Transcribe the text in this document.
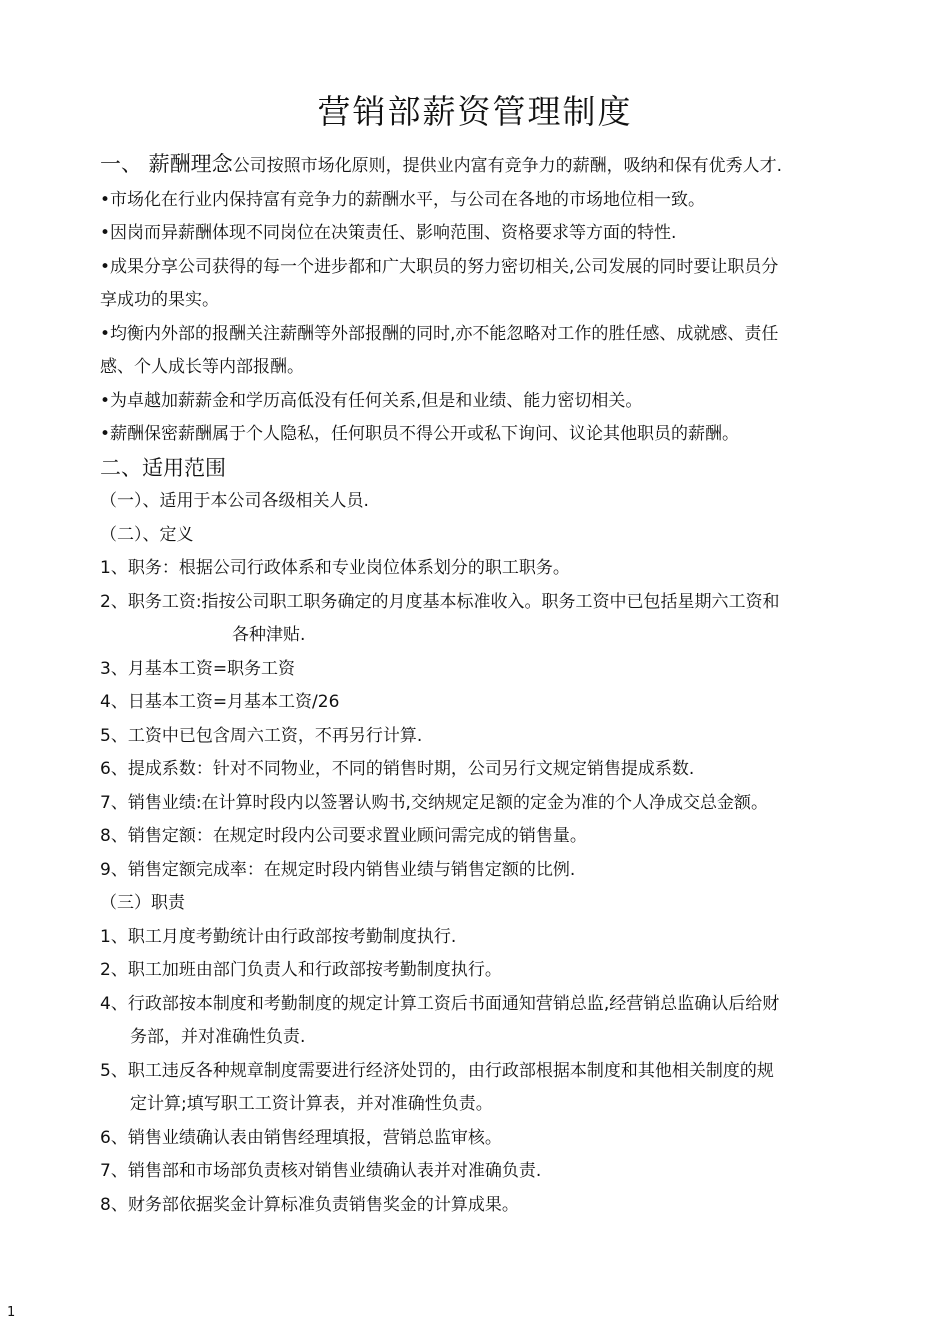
营销部薪资管理制度

一、 薪酬理念公司按照市场化原则，提供业内富有竞争力的薪酬，吸纳和保有优秀人才.

•市场化在行业内保持富有竞争力的薪酬水平，与公司在各地的市场地位相一致。

•因岗而异薪酬体现不同岗位在决策责任、影响范围、资格要求等方面的特性.

•成果分享公司获得的每一个进步都和广大职员的努力密切相关,公司发展的同时要让职员分

享成功的果实。

•均衡内外部的报酬关注薪酬等外部报酬的同时,亦不能忽略对工作的胜任感、成就感、责任

感、个人成长等内部报酬。

•为卓越加薪薪金和学历高低没有任何关系,但是和业绩、能力密切相关。

•薪酬保密薪酬属于个人隐私，任何职员不得公开或私下询问、议论其他职员的薪酬。

二、适用范围

（一）、适用于本公司各级相关人员.

（二）、定义

1、职务：根据公司行政体系和专业岗位体系划分的职工职务。

2、职务工资:指按公司职工职务确定的月度基本标准收入。职务工资中已包括星期六工资和

各种津贴.

3、月基本工资=职务工资

4、日基本工资=月基本工资/26

5、工资中已包含周六工资，不再另行计算.

6、提成系数：针对不同物业，不同的销售时期，公司另行文规定销售提成系数.

7、销售业绩:在计算时段内以签署认购书,交纳规定足额的定金为准的个人净成交总金额。

8、销售定额：在规定时段内公司要求置业顾问需完成的销售量。

9、销售定额完成率：在规定时段内销售业绩与销售定额的比例.

（三）职责

1、职工月度考勤统计由行政部按考勤制度执行.

2、职工加班由部门负责人和行政部按考勤制度执行。

4、行政部按本制度和考勤制度的规定计算工资后书面通知营销总监,经营销总监确认后给财

务部，并对准确性负责.

5、职工违反各种规章制度需要进行经济处罚的，由行政部根据本制度和其他相关制度的规

定计算;填写职工工资计算表，并对准确性负责。

6、销售业绩确认表由销售经理填报，营销总监审核。

7、销售部和市场部负责核对销售业绩确认表并对准确负责.

8、财务部依据奖金计算标准负责销售奖金的计算成果。

1
